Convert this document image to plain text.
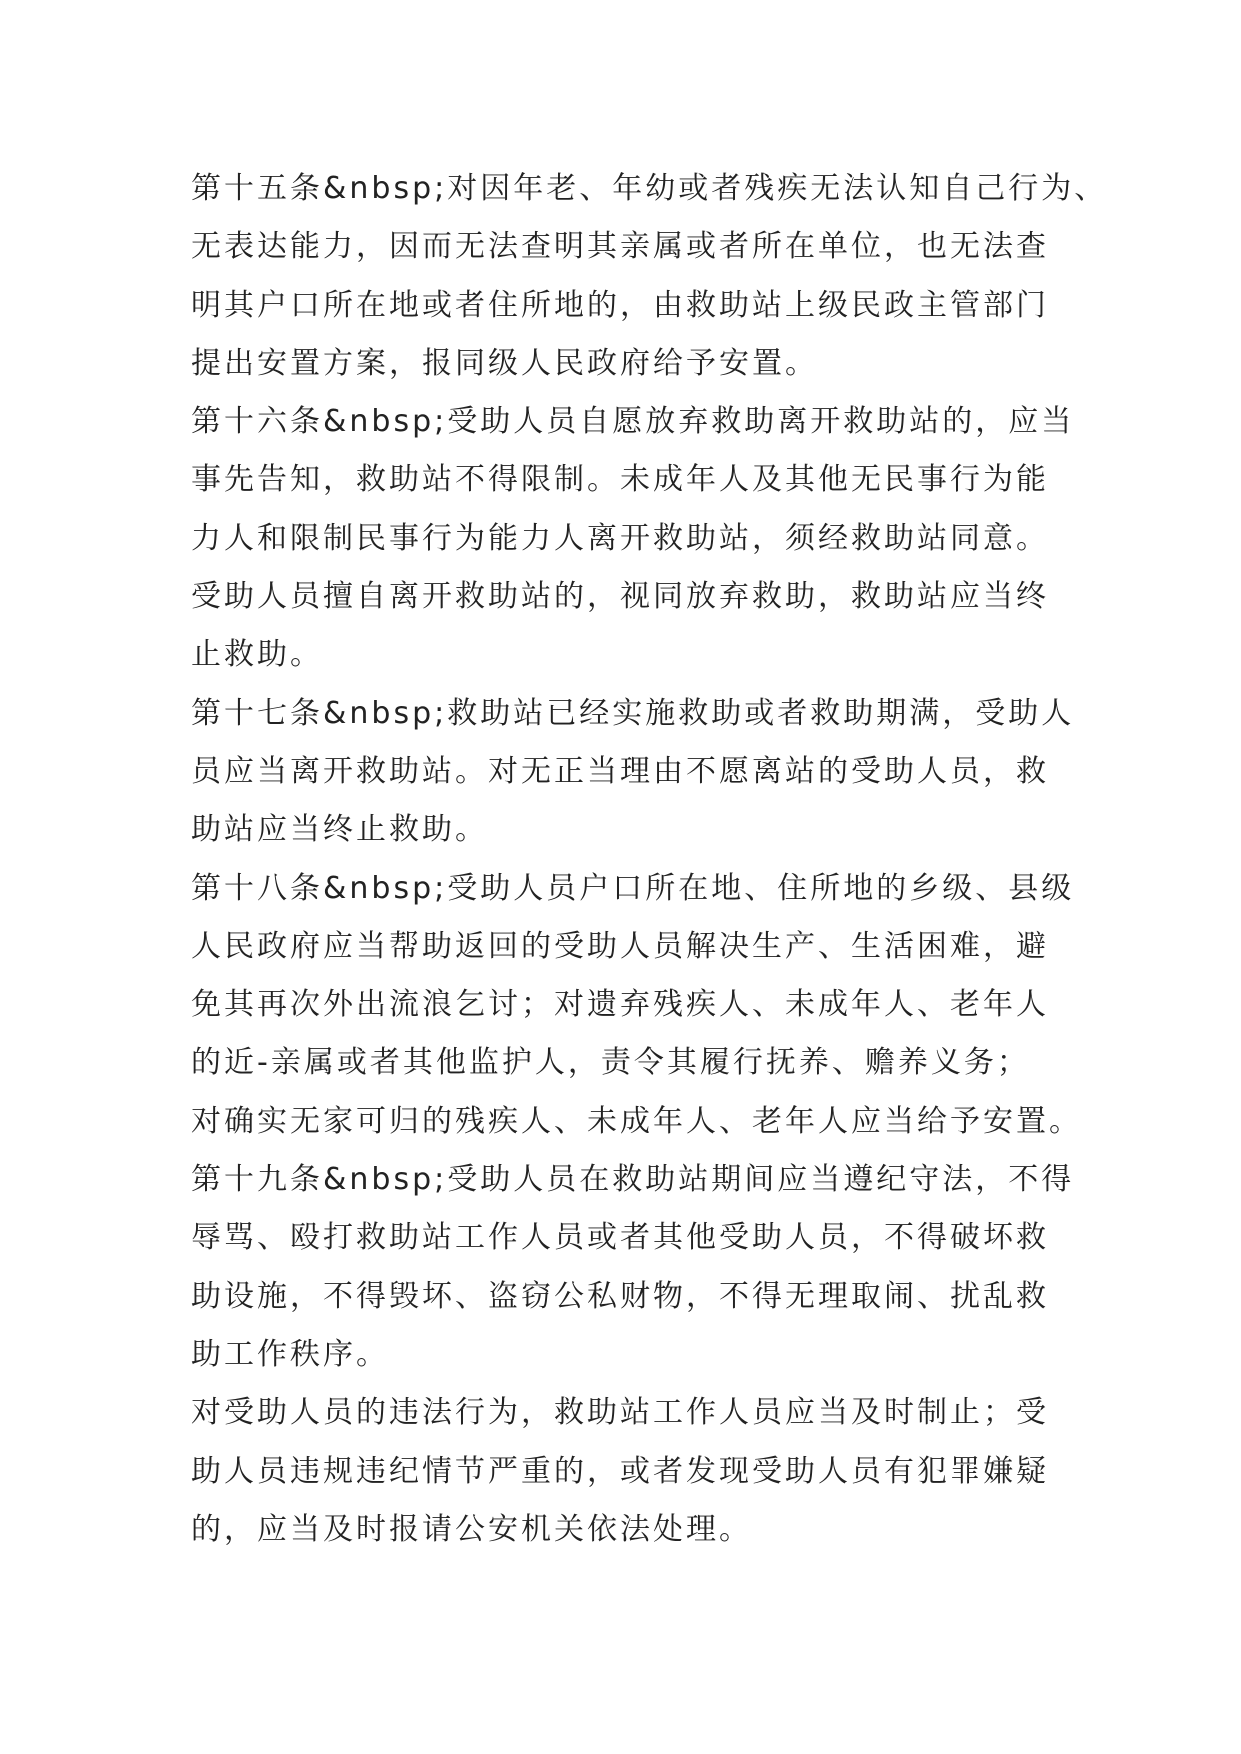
第十五条&nbsp;对因年老、年幼或者残疾无法认知自己行为、
无表达能力，因而无法查明其亲属或者所在单位，也无法查
明其户口所在地或者住所地的，由救助站上级民政主管部门
提出安置方案，报同级人民政府给予安置。
第十六条&nbsp;受助人员自愿放弃救助离开救助站的，应当
事先告知，救助站不得限制。未成年人及其他无民事行为能
力人和限制民事行为能力人离开救助站，须经救助站同意。
受助人员擅自离开救助站的，视同放弃救助，救助站应当终
止救助。
第十七条&nbsp;救助站已经实施救助或者救助期满，受助人
员应当离开救助站。对无正当理由不愿离站的受助人员，救
助站应当终止救助。
第十八条&nbsp;受助人员户口所在地、住所地的乡级、县级
人民政府应当帮助返回的受助人员解决生产、生活困难，避
免其再次外出流浪乞讨；对遗弃残疾人、未成年人、老年人
的近-亲属或者其他监护人，责令其履行抚养、赡养义务；
对确实无家可归的残疾人、未成年人、老年人应当给予安置。
第十九条&nbsp;受助人员在救助站期间应当遵纪守法，不得
辱骂、殴打救助站工作人员或者其他受助人员，不得破坏救
助设施，不得毁坏、盗窃公私财物，不得无理取闹、扰乱救
助工作秩序。
对受助人员的违法行为，救助站工作人员应当及时制止；受
助人员违规违纪情节严重的，或者发现受助人员有犯罪嫌疑
的，应当及时报请公安机关依法处理。
